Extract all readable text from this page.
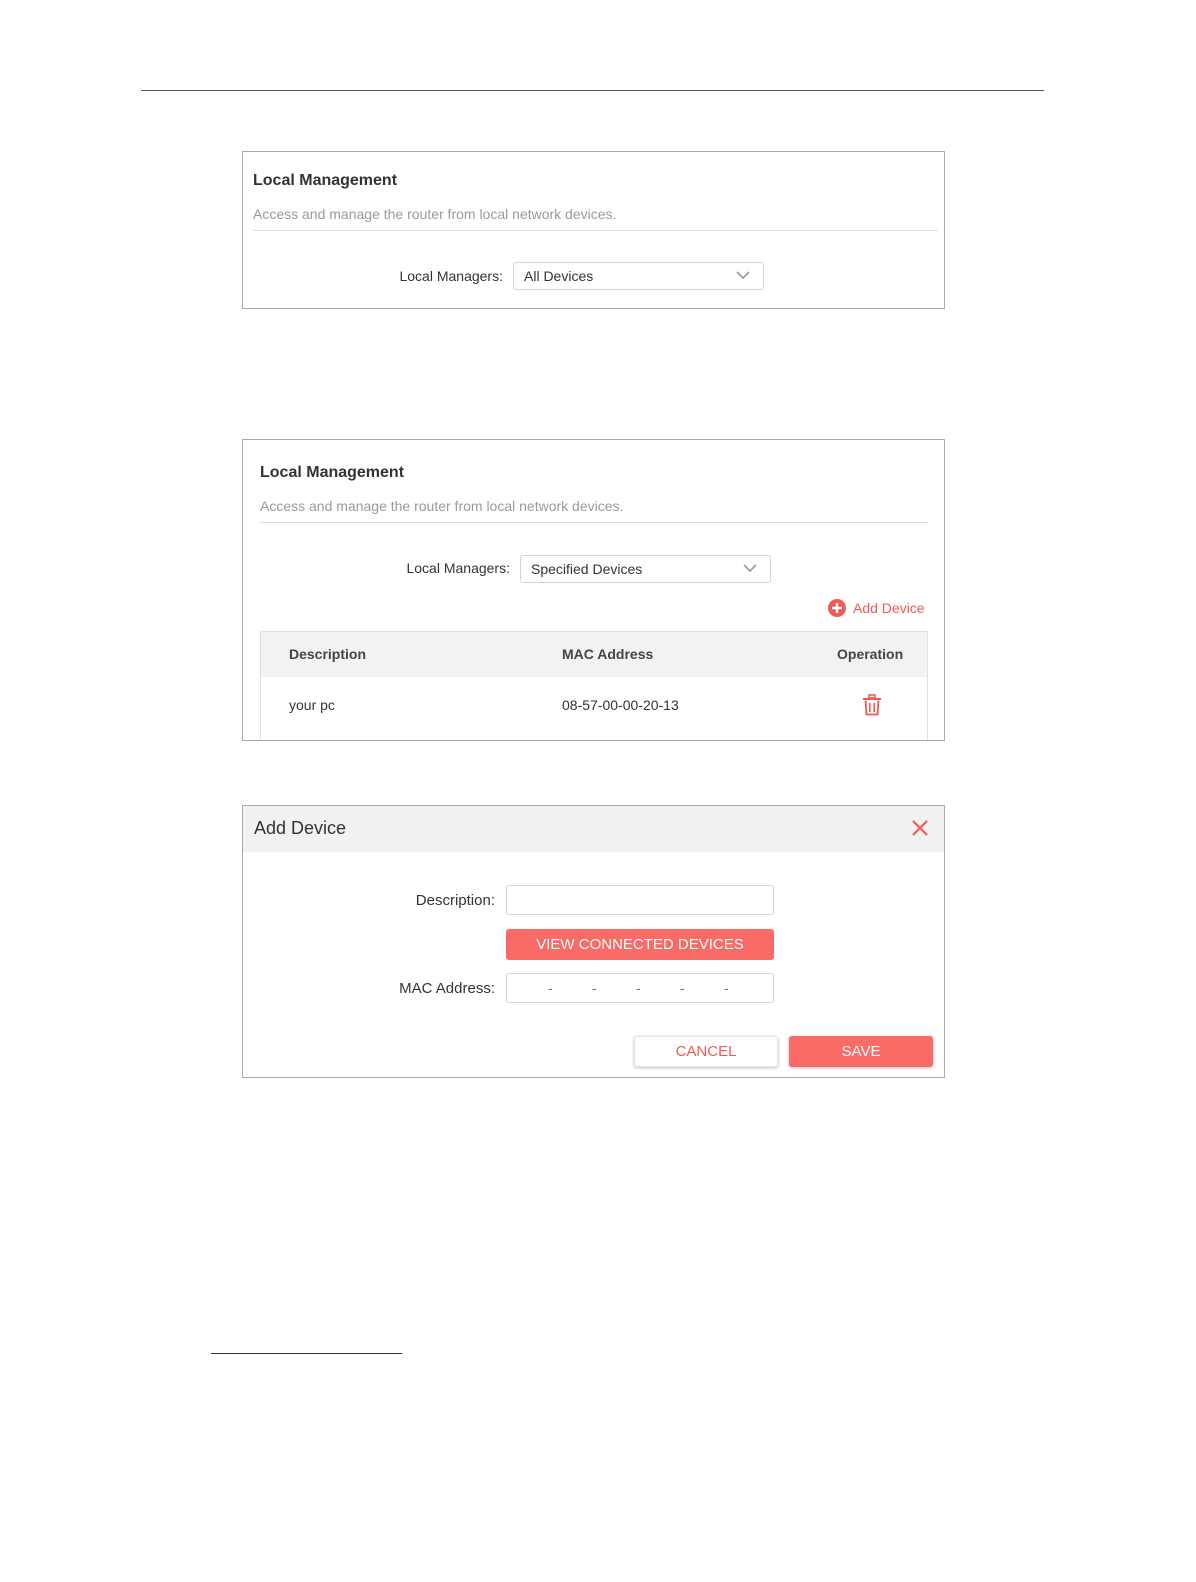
Local Management
Access and manage the router from local network devices.
Local Managers: All Devices
Local Management
Access and manage the router from local network devices.
Local Managers: Specified Devices
Add Device
Description	MAC Address	Operation
your pc	08-57-00-00-20-13
Add Device
Description:
VIEW CONNECTED DEVICES
MAC Address:	-	-	-	-	-
CANCEL	SAVE
